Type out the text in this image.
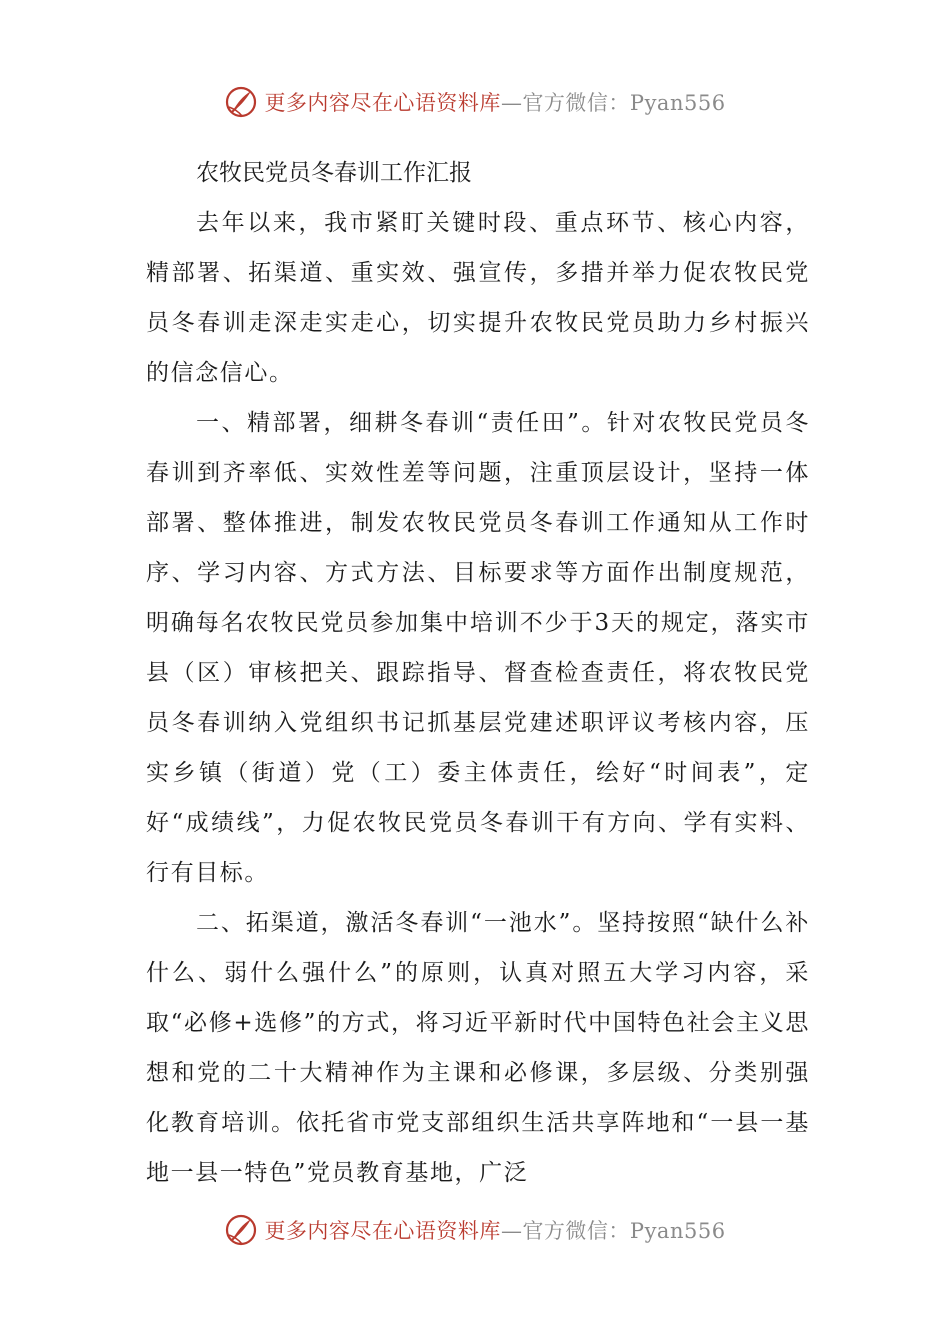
更多内容尽在心语资料库—官方微信：Pyan556
农牧民党员冬春训工作汇报

去年以来，我市紧盯关键时段、重点环节、核心内容，精部署、拓渠道、重实效、强宣传，多措并举力促农牧民党员冬春训走深走实走心，切实提升农牧民党员助力乡村振兴的信念信心。

一、精部署，细耕冬春训“责任田”。针对农牧民党员冬春训到齐率低、实效性差等问题，注重顶层设计，坚持一体部署、整体推进，制发农牧民党员冬春训工作通知从工作时序、学习内容、方式方法、目标要求等方面作出制度规范，明确每名农牧民党员参加集中培训不少于3天的规定，落实市县（区）审核把关、跟踪指导、督查检查责任，将农牧民党员冬春训纳入党组织书记抓基层党建述职评议考核内容，压实乡镇（街道）党（工）委主体责任，绘好“时间表”，定好“成绩线”，力促农牧民党员冬春训干有方向、学有实料、行有目标。

二、拓渠道，激活冬春训“一池水”。坚持按照“缺什么补什么、弱什么强什么”的原则，认真对照五大学习内容，采取“必修+选修”的方式，将习近平新时代中国特色社会主义思想和党的二十大精神作为主课和必修课，多层级、分类别强化教育培训。依托省市党支部组织生活共享阵地和“一县一基地一县一特色”党员教育基地，广泛

更多内容尽在心语资料库—官方微信：Pyan556
